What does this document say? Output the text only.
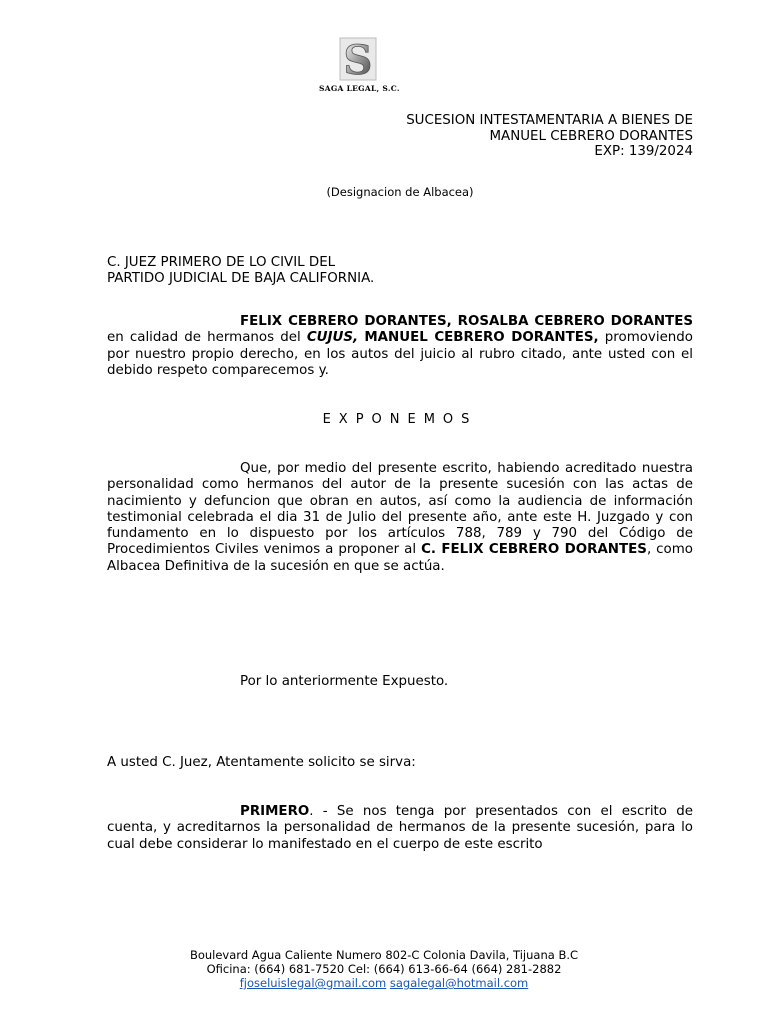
S
SAGA LEGAL, S.C.
SUCESION INTESTAMENTARIA A BIENES DE
MANUEL CEBRERO DORANTES
EXP: 139/2024
(Designacion de Albacea)
C. JUEZ PRIMERO DE LO CIVIL DEL
PARTIDO JUDICIAL DE BAJA CALIFORNIA.
FELIX CEBRERO DORANTES, ROSALBA CEBRERO DORANTES en calidad de hermanos del CUJUS, MANUEL CEBRERO DORANTES, promoviendo por nuestro propio derecho, en los autos del juicio al rubro citado, ante usted con el debido respeto comparecemos y.
EXPONEMOS
Que, por medio del presente escrito, habiendo acreditado nuestra personalidad como hermanos del autor de la presente sucesión con las actas de nacimiento y defuncion que obran en autos, así como la audiencia de información testimonial celebrada el dia 31 de Julio del presente año, ante este H. Juzgado y con fundamento en lo dispuesto por los artículos 788, 789 y 790 del Código de Procedimientos Civiles venimos a proponer al C. FELIX CEBRERO DORANTES, como Albacea Definitiva de la sucesión en que se actúa.
Por lo anteriormente Expuesto.
A usted C. Juez, Atentamente solicito se sirva:
PRIMERO. - Se nos tenga por presentados con el escrito de cuenta, y acreditarnos la personalidad de hermanos de la presente sucesión, para lo cual debe considerar lo manifestado en el cuerpo de este escrito
Boulevard Agua Caliente Numero 802-C Colonia Davila, Tijuana B.C
Oficina: (664) 681-7520 Cel: (664) 613-66-64 (664) 281-2882
fjoseluislegal@gmail.com sagalegal@hotmail.com
